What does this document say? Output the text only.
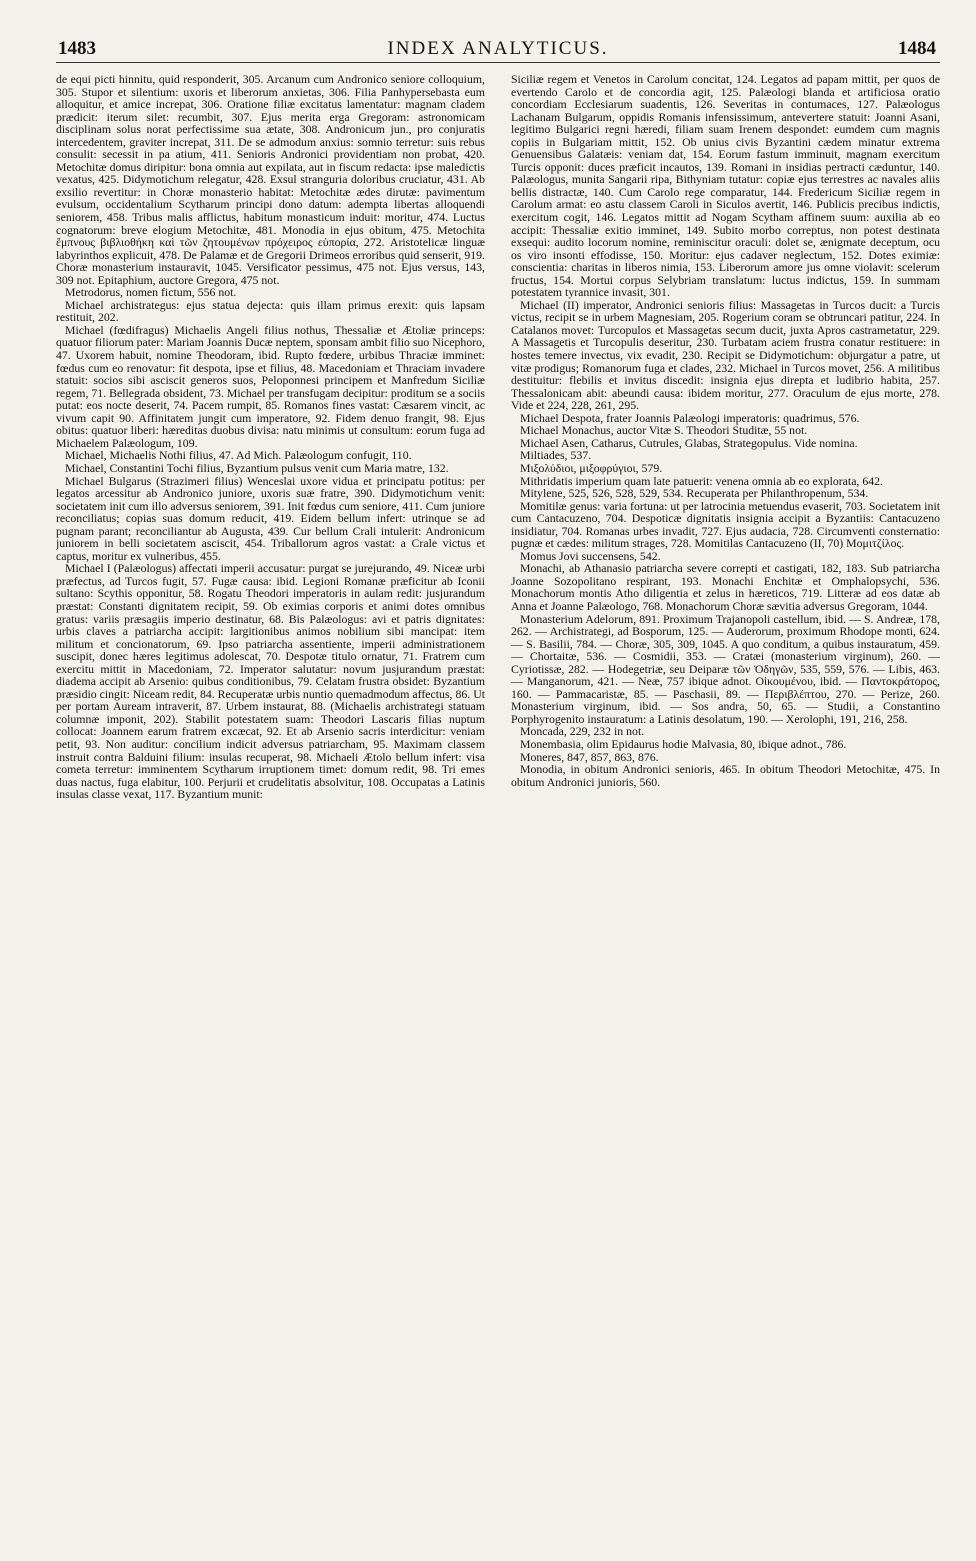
1483	INDEX ANALYTICUS.	1484

de equi picti hinnitu, quid responderit, 305. Arcanum cum Andronico seniore colloquium, 305. Stupor et silentium: uxoris et liberorum anxietas, 306. Filia Panhypersebasta eum alloquitur, et amice increpat, 306. Oratione filiæ excitatus lamentatur: magnam cladem prædicit: iterum silet: recumbit, 307. Ejus merita erga Gregoram: astronomicam disciplinam solus norat perfectissime sua ætate, 308. Andronicum jun., pro conjuratis intercedentem, graviter increpat, 311. De se admodum anxius: somnio terretur: suis rebus consulit: secessit in pa atium, 411. Senioris Andronici providentiam non probat, 420. Metochitæ domus diripitur: bona omnia aut expilata, aut in fiscum redacta: ipse maledictis vexatus, 425. Didymotichum relegatur, 428. Exsul stranguria doloribus cruciatur, 431. Ab exsilio revertitur: in Choræ monasterio habitat: Metochitæ ædes dirutæ: pavimentum evulsum, occidentalium Scytharum principi dono datum: adempta libertas alloquendi seniorem, 458. Tribus malis afflictus, habitum monasticum induit: moritur, 474. Luctus cognatorum: breve elogium Metochitæ, 481. Monodia in ejus obitum, 475. Metochita ἔμπνους βιβλιοθήκη καὶ τῶν ζητουμένων πρόχειρος εὐπορία, 272. Aristotelicæ linguæ labyrinthos explicuit, 478. De Palamæ et de Gregorii Drimeos erroribus quid senserit, 919. Choræ monasterium instauravit, 1045. Versificator pessimus, 475 not. Ejus versus, 143, 309 not. Epitaphium, auctore Gregora, 475 not.

Metrodorus, nomen fictum, 556 not.

Michael archistrategus: ejus statua dejecta: quis illam primus erexit: quis lapsam restituit, 202.

Michael (fœdifragus) Michaelis Angeli filius nothus, Thessaliæ et Ætoliæ princeps: quatuor filiorum pater: Mariam Joannis Ducæ neptem, sponsam ambit filio suo Nicephoro, 47. Uxorem habuit, nomine Theodoram, ibid. Rupto fœdere, urbibus Thraciæ imminet: fœdus cum eo renovatur: fit despota, ipse et filius, 48. Macedoniam et Thraciam invadere statuit: socios sibi asciscit generos suos, Peloponnesi principem et Manfredum Siciliæ regem, 71. Bellegrada obsident, 73. Michael per transfugam decipitur: proditum se a sociis putat: eos nocte deserit, 74. Pacem rumpit, 85. Romanos fines vastat: Cæsarem vincit, ac vivum capit 90. Affinitatem jungit cum imperatore, 92. Fidem denuo frangit, 98. Ejus obitus: quatuor liberi: hæreditas duobus divisa: natu minimis ut consultum: eorum fuga ad Michaelem Palæologum, 109.

Michael, Michaelis Nothi filius, 47. Ad Mich. Palæologum confugit, 110.

Michael, Constantini Tochi filius, Byzantium pulsus venit cum Maria matre, 132.

Michael Bulgarus (Strazimeri filius) Wenceslai uxore vidua et principatu potitus: per legatos arcessitur ab Andronico juniore, uxoris suæ fratre, 390. Didymotichum venit: societatem init cum illo adversus seniorem, 391. Init fœdus cum seniore, 411. Cum juniore reconciliatus; copias suas domum reducit, 419. Eidem bellum infert: utrinque se ad pugnam parant; reconciliantur ab Augusta, 439. Cur bellum Crali intulerit: Andronicum juniorem in belli societatem asciscit, 454. Triballorum agros vastat: a Crale victus et captus, moritur ex vulneribus, 455.

Michael I (Palæologus) affectati imperii accusatur: purgat se jurejurando, 49. Niceæ urbi præfectus, ad Turcos fugit, 57. Fugæ causa: ibid. Legioni Romanæ præficitur ab Iconii sultano: Scythis opponitur, 58. Rogatu Theodori imperatoris in aulam redit: jusjurandum præstat: Constanti dignitatem recipit, 59. Ob eximias corporis et animi dotes omnibus gratus: variis præsagiis imperio destinatur, 68. Bis Palæologus: avi et patris dignitates: urbis claves a patriarcha accipit: largitionibus animos nobilium sibi mancipat: item militum et concionatorum, 69. Ipso patriarcha assentiente, imperii administrationem suscipit, donec hæres legitimus adolescat, 70. Despotæ titulo ornatur, 71. Fratrem cum exercitu mittit in Macedoniam, 72. Imperator salutatur: novum jusjurandum præstat: diadema accipit ab Arsenio: quibus conditionibus, 79. Celatam frustra obsidet: Byzantium præsidio cingit: Niceam redit, 84. Recuperatæ urbis nuntio quemadmodum affectus, 86. Ut per portam Auream intraverit, 87. Urbem instaurat, 88. (Michaelis archistrategi statuam columnæ imponit, 202). Stabilit potestatem suam: Theodori Lascaris filias nuptum collocat: Joannem earum fratrem excæcat, 92. Et ab Arsenio sacris interdicitur: veniam petit, 93. Non auditur: concilium indicit adversus patriarcham, 95. Maximam classem instruit contra Balduini filium: insulas recuperat, 98. Michaeli Ætolo bellum infert: visa cometa terretur: imminentem Scytharum irruptionem timet: domum redit, 98. Tri emes duas nactus, fuga elabitur, 100. Perjurii et crudelitatis absolvitur, 108. Occupatas a Latinis insulas classe vexat, 117. Byzantium munit:

Siciliæ regem et Venetos in Carolum concitat, 124. Legatos ad papam mittit, per quos de evertendo Carolo et de concordia agit, 125. Palæologi blanda et artificiosa oratio concordiam Ecclesiarum suadentis, 126. Severitas in contumaces, 127. Palæologus Lachanam Bulgarum, oppidis Romanis infensissimum, antevertere statuit: Joanni Asani, legitimo Bulgarici regni hæredi, filiam suam Irenem despondet: eumdem cum magnis copiis in Bulgariam mittit, 152. Ob unius civis Byzantini cædem minatur extrema Genuensibus Galatæis: veniam dat, 154. Eorum fastum imminuit, magnam exercitum Turcis opponit: duces præficit incautos, 139. Romani in insidias pertracti cæduntur, 140. Palæologus, munita Sangarii ripa, Bithyniam tutatur: copiæ ejus terrestres ac navales aliis bellis distractæ, 140. Cum Carolo rege comparatur, 144. Fredericum Siciliæ regem in Carolum armat: eo astu classem Caroli in Siculos avertit, 146. Publicis precibus indictis, exercitum cogit, 146. Legatos mittit ad Nogam Scytham affinem suum: auxilia ab eo accipit: Thessaliæ exitio imminet, 149. Subito morbo correptus, non potest destinata exsequi: audito locorum nomine, reminiscitur oraculi: dolet se, ænigmate deceptum, ocu os viro insonti effodisse, 150. Moritur: ejus cadaver neglectum, 152. Dotes eximiæ: conscientia: charitas in liberos nimia, 153. Liberorum amore jus omne violavit: scelerum fructus, 154. Mortui corpus Selybriam translatum: luctus indictus, 159. In summam potestatem tyrannice invasit, 301.

Michael (II) imperator, Andronici senioris filius: Massagetas in Turcos ducit: a Turcis victus, recipit se in urbem Magnesiam, 205. Rogerium coram se obtruncari patitur, 224. In Catalanos movet: Turcopulos et Massagetas secum ducit, juxta Apros castrametatur, 229. A Massagetis et Turcopulis deseritur, 230. Turbatam aciem frustra conatur restituere: in hostes temere invectus, vix evadit, 230. Recipit se Didymotichum: objurgatur a patre, ut vitæ prodigus; Romanorum fuga et clades, 232. Michael in Turcos movet, 256. A militibus destituitur: flebilis et invitus discedit: insignia ejus direpta et ludibrio habita, 257. Thessalonicam abit: abeundi causa: ibidem moritur, 277. Oraculum de ejus morte, 278. Vide et 224, 228, 261, 295.

Michael Despota, frater Joannis Palæologi imperatoris: quadrimus, 576.

Michael Monachus, auctor Vitæ S. Theodori Studitæ, 55 not.

Michael Asen, Catharus, Cutrules, Glabas, Strategopulus. Vide nomina.

Miltiades, 537.

Μιξολύδιοι, μιξοφρύγιοι, 579.

Mithridatis imperium quam late patuerit: venena omnia ab eo explorata, 642.

Mitylene, 525, 526, 528, 529, 534. Recuperata per Philanthropenum, 534.

Momitilæ genus: varia fortuna: ut per latrocinia metuendus evaserit, 703. Societatem init cum Cantacuzeno, 704. Despoticæ dignitatis insignia accipit a Byzantiis: Cantacuzeno insidiatur, 704. Romanas urbes invadit, 727. Ejus audacia, 728. Circumventi consternatio: pugnæ et cædes: militum strages, 728. Momitilas Cantacuzeno (II, 70) Μομιτζίλος.

Momus Jovi succensens, 542.

Monachi, ab Athanasio patriarcha severe correpti et castigati, 182, 183. Sub patriarcha Joanne Sozopolitano respirant, 193. Monachi Enchitæ et Omphalopsychi, 536. Monachorum montis Atho diligentia et zelus in hæreticos, 719. Litteræ ad eos datæ ab Anna et Joanne Palæologo, 768. Monachorum Choræ sævitia adversus Gregoram, 1044.

Monasterium Adelorum, 891. Proximum Trajanopoli castellum, ibid. — S. Andreæ, 178, 262. — Archistrategi, ad Bosporum, 125. — Auderorum, proximum Rhodope monti, 624. — S. Basilii, 784. — Choræ, 305, 309, 1045. A quo conditum, a quibus instauratum, 459. — Chortaitæ, 536. — Cosmidii, 353. — Cratæi (monasterium virginum), 260. — Cyriotissæ, 282. — Hodegetriæ, seu Deiparæ τῶν Ὁδηγῶν, 535, 559, 576. — Libis, 463. — Manganorum, 421. — Neæ, 757 ibique adnot. Οἰκουμένου, ibid. — Παντοκράτορος, 160. — Pammacaristæ, 85. — Paschasii, 89. — Περιβλέπτου, 270. — Perize, 260. Monasterium virginum, ibid. — Sos andra, 50, 65. — Studii, a Constantino Porphyrogenito instauratum: a Latinis desolatum, 190. — Xerolophi, 191, 216, 258.

Moncada, 229, 232 in not.

Monembasia, olim Epidaurus hodie Malvasia, 80, ibique adnot., 786.

Moneres, 847, 857, 863, 876.

Monodia, in obitum Andronici senioris, 465. In obitum Theodori Metochitæ, 475. In obitum Andronici junioris, 560.
